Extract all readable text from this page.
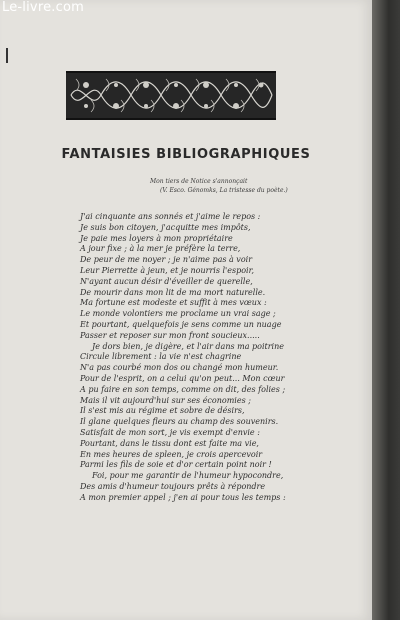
Le-livre.com
FANTAISIES BIBLIOGRAPHIQUES
Mon tiers de Notice s'annonçait
(V. Esco. Génomks, La tristesse du poète.)
J'ai cinquante ans sonnés et j'aime le repos :
Je suis bon citoyen, j'acquitte mes impôts,
Je paie mes loyers à mon propriétaire
A jour fixe ; à la mer je préfère la terre,
De peur de me noyer ; je n'aime pas à voir
Leur Pierrette à jeun, et je nourris l'espoir,
N'ayant aucun désir d'éveiller de querelle,
De mourir dans mon lit de ma mort naturelle.
Ma fortune est modeste et suffit à mes vœux :
Le monde volontiers me proclame un vrai sage ;
Et pourtant, quelquefois je sens comme un nuage
Passer et reposer sur mon front soucieux.....
Je dors bien, je digère, et l'air dans ma poitrine
Circule librement : la vie n'est chagrine
N'a pas courbé mon dos ou changé mon humeur.
Pour de l'esprit, on a celui qu'on peut... Mon cœur
A pu faire en son temps, comme on dit, des folies ;
Mais il vit aujourd'hui sur ses économies ;
Il s'est mis au régime et sobre de désirs,
Il glane quelques fleurs au champ des souvenirs.
Satisfait de mon sort, je vis exempt d'envie :
Pourtant, dans le tissu dont est faite ma vie,
En mes heures de spleen, je crois apercevoir
Parmi les fils de soie et d'or certain point noir !
Foi, pour me garantir de l'humeur hypocondre,
Des amis d'humeur toujours prêts à répondre
A mon premier appel ; j'en ai pour tous les temps :
